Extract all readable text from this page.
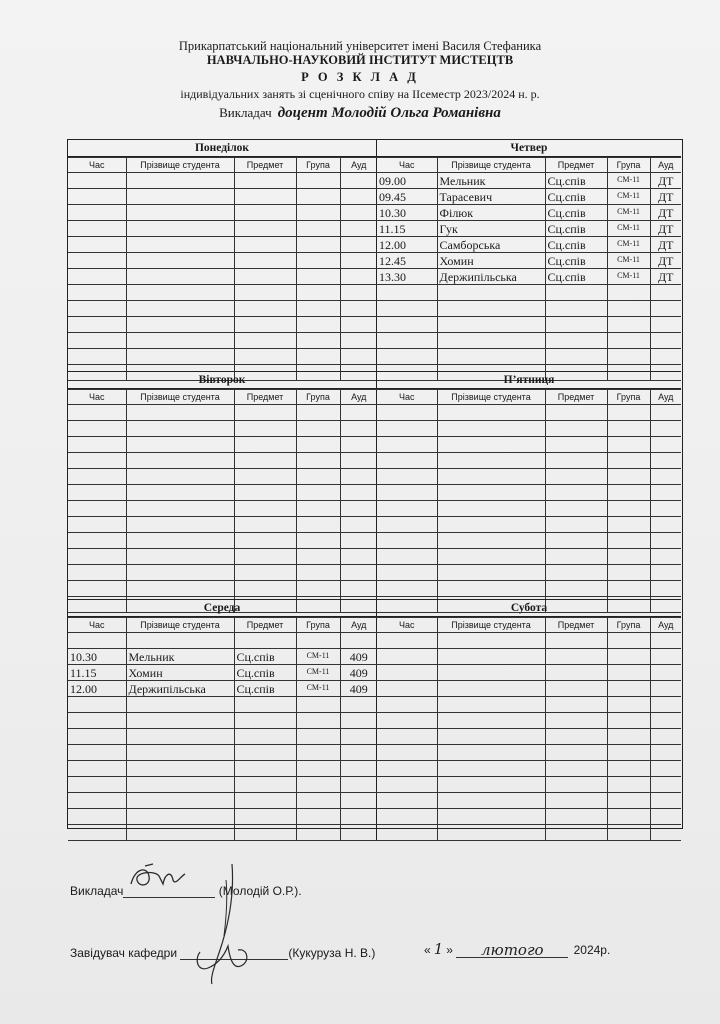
Прикарпатський національний університет імені Василя Стефаника
НАВЧАЛЬНО-НАУКОВИЙ ІНСТИТУТ МИСТЕЦТВ
Р О З К Л А Д
індивідуальних занять зі сценічного співу на ІІсеместр 2023/2024 н. р.
Викладач доцент Молодій Ольга Романівна
Понеділок
Час	Прізвище студента	Предмет	Група	Ауд

Четвер
Час	Прізвище студента	Предмет	Група	Ауд
09.00	Мельник	Сц.спів	СМ-11	ДТ
09.45	Тарасевич	Сц.спів	СМ-11	ДТ
10.30	Філюк	Сц.спів	СМ-11	ДТ
11.15	Гук	Сц.спів	СМ-11	ДТ
12.00	Самборська	Сц.спів	СМ-11	ДТ
12.45	Хомин	Сц.спів	СМ-11	ДТ
13.30	Держипільська	Сц.спів	СМ-11	ДТ

Вівторок
Час	Прізвище студента	Предмет	Група	Ауд

П’ятниця
Час	Прізвище студента	Предмет	Група	Ауд

Середа
Час	Прізвище студента	Предмет	Група	Ауд

10.30	Мельник	Сц.спів	СМ-11	409
11.15	Хомин	Сц.спів	СМ-11	409
12.00	Держипільська	Сц.спів	СМ-11	409

Субота
Час	Прізвище студента	Предмет	Група	Ауд

Викладач	(Молодій О.Р.).
Завідувач кафедри	(Кукуруза Н. В.)	« 1 » лютого	2024р.
